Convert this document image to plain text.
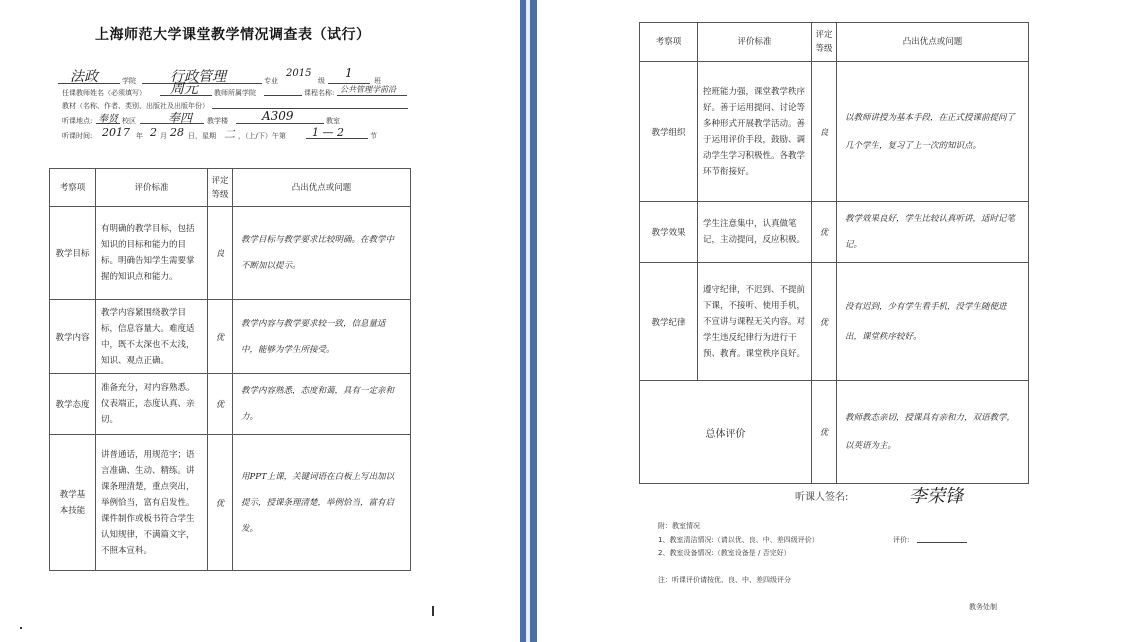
上海师范大学课堂教学情况调查表（试行）
法政	学院 行政管理	专业
2015
级
1
班
任课教师姓名（必须填写） 周元 教师所属学院	课程名称: 公共管理学前沿
教材（名称、作者、类别、出版社及出版年份）
听课地点: 奉贤 校区	奉四 教学楼	A309	教室
听课时间: 2017 年 2 月 28 日，星期 二 ，（上/下）午第 1 — 2	节
考察项	评价标准	评定等级	凸出优点或问题
教学目标	有明确的教学目标，包括知识的目标和能力的目标。明确告知学生需要掌握的知识点和能力。	良	教学目标与教学要求比较明确。在教学中不断加以提示。
教学内容	教学内容紧围绕教学目标，信息容量大。难度适中，既不太深也不太浅，知识、观点正确。	优	教学内容与教学要求较一致，信息量适中，能够为学生所接受。
教学态度	准备充分，对内容熟悉。仪表端正，态度认真、亲切。	优	教学内容熟悉，态度和蔼，具有一定亲和力。
教学基本技能	讲普通话，用规范字；语言准确、生动、精练。讲课条理清楚，重点突出，举例恰当，富有启发性。课件制作或板书符合学生认知规律，不满篇文字，不照本宣科。	优	用PPT上课，关键词语在白板上写出加以提示，授课条理清楚，举例恰当，富有启发。
考察项	评价标准	评定等级	凸出优点或问题
教学组织	控班能力强，课堂教学秩序好。善于运用提问、讨论等多种形式开展教学活动。善于运用评价手段，鼓励、调动学生学习积极性。各教学环节衔接好。	良	以教师讲授为基本手段，在正式授课前提问了几个学生，复习了上一次的知识点。
教学效果	学生注意集中，认真做笔记，主动提问，反应积极。	优	教学效果良好，学生比较认真听讲，适时记笔记。
教学纪律	遵守纪律，不迟到、不提前下课，不接听、使用手机，不宣讲与课程无关内容。对学生违反纪律行为进行干预、教育。课堂秩序良好。	优	没有迟到，少有学生看手机，没学生随便进出，课堂秩序较好。
总体评价		优	教师教态亲切，授课具有亲和力，双语教学，以英语为主。
听课人签名:	李荣锋
附：教室情况
1、教室清洁情况:（请以优、良、中、差四级评价）	评价:
2、教室设备情况:（教室设备是 / 否完好）
注：听课评价请按优、良、中、差四级评分
教务处制
